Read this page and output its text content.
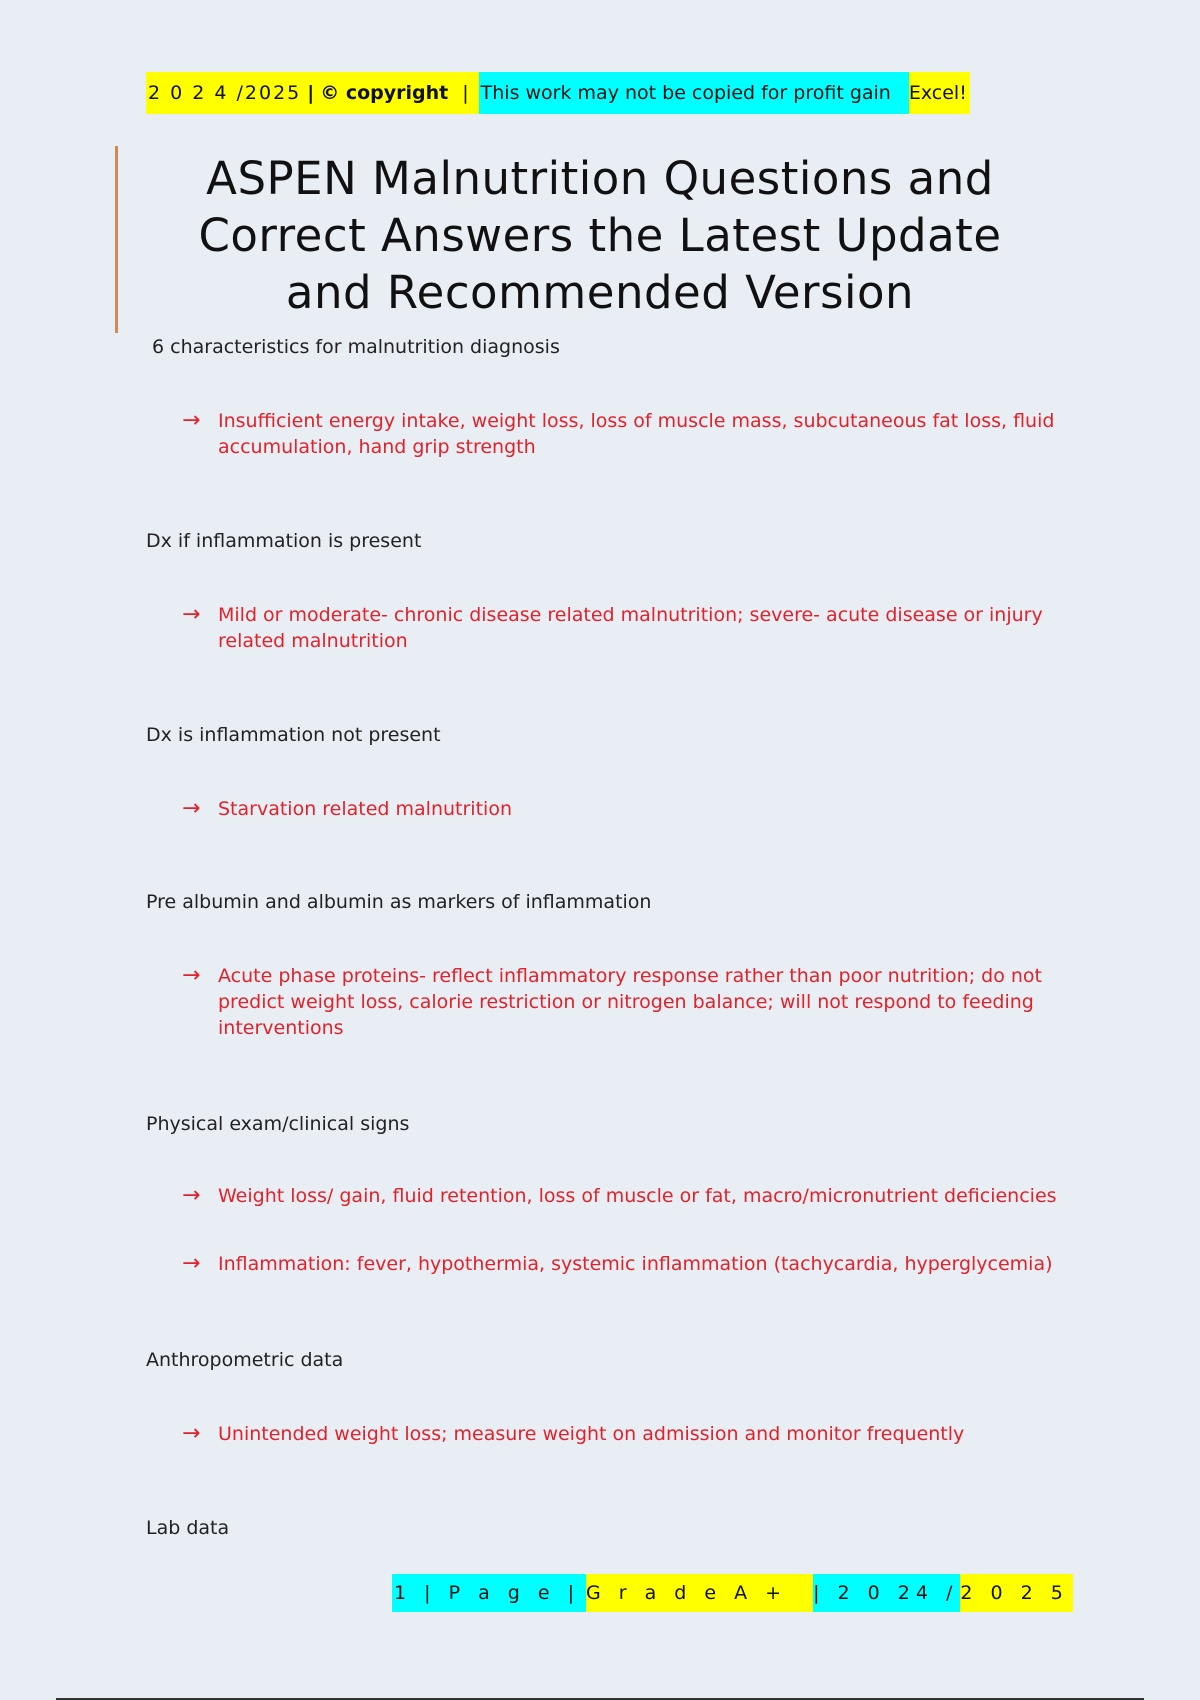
2 0 2 4 /2025 | © copyright | This work may not be copied for profit gain Excel!
ASPEN Malnutrition Questions and Correct Answers the Latest Update and Recommended Version

6 characteristics for malnutrition diagnosis

→ Insufficient energy intake, weight loss, loss of muscle mass, subcutaneous fat loss, fluid accumulation, hand grip strength

Dx if inflammation is present

→ Mild or moderate- chronic disease related malnutrition; severe- acute disease or injury related malnutrition

Dx is inflammation not present

→ Starvation related malnutrition

Pre albumin and albumin as markers of inflammation

→ Acute phase proteins- reflect inflammatory response rather than poor nutrition; do not predict weight loss, calorie restriction or nitrogen balance; will not respond to feeding interventions

Physical exam/clinical signs

→ Weight loss/ gain, fluid retention, loss of muscle or fat, macro/micronutrient deficiencies
→ Inflammation: fever, hypothermia, systemic inflammation (tachycardia, hyperglycemia)

Anthropometric data

→ Unintended weight loss; measure weight on admission and monitor frequently

Lab data

1 | P a g e | G r a d e A +	| 2 0 24 / 2 0 2 5
